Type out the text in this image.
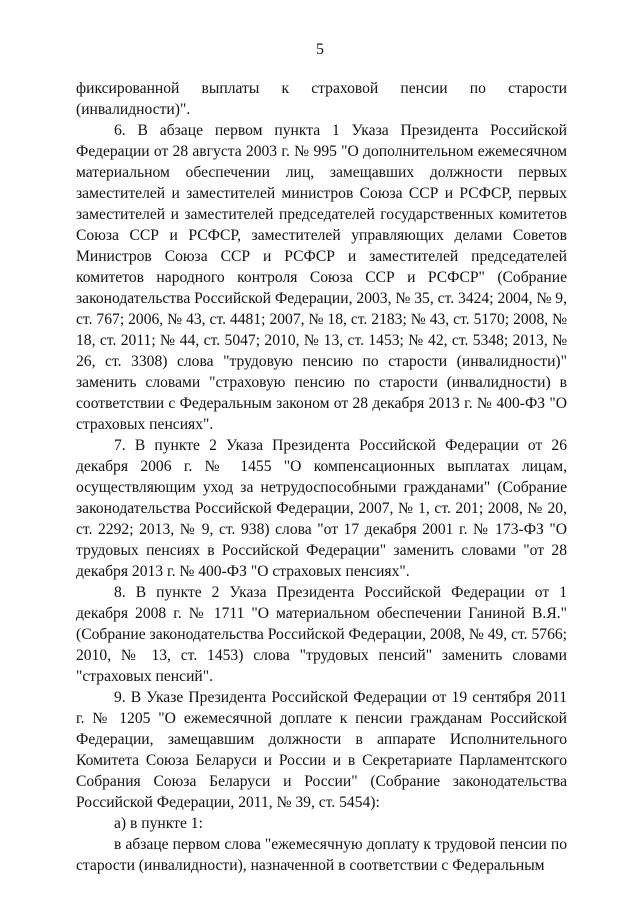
5

фиксированной выплаты к страховой пенсии по старости (инвалидности)".

6. В абзаце первом пункта 1 Указа Президента Российской Федерации от 28 августа 2003 г. № 995 "О дополнительном ежемесячном материальном обеспечении лиц, замещавших должности первых заместителей и заместителей министров Союза ССР и РСФСР, первых заместителей и заместителей председателей государственных комитетов Союза ССР и РСФСР, заместителей управляющих делами Советов Министров Союза ССР и РСФСР и заместителей председателей комитетов народного контроля Союза ССР и РСФСР" (Собрание законодательства Российской Федерации, 2003, № 35, ст. 3424; 2004, № 9, ст. 767; 2006, № 43, ст. 4481; 2007, № 18, ст. 2183; № 43, ст. 5170; 2008, № 18, ст. 2011; № 44, ст. 5047; 2010, № 13, ст. 1453; № 42, ст. 5348; 2013, № 26, ст. 3308) слова "трудовую пенсию по старости (инвалидности)" заменить словами "страховую пенсию по старости (инвалидности) в соответствии с Федеральным законом от 28 декабря 2013 г. № 400-ФЗ "О страховых пенсиях".

7. В пункте 2 Указа Президента Российской Федерации от 26 декабря 2006 г. № 1455 "О компенсационных выплатах лицам, осуществляющим уход за нетрудоспособными гражданами" (Собрание законодательства Российской Федерации, 2007, № 1, ст. 201; 2008, № 20, ст. 2292; 2013, № 9, ст. 938) слова "от 17 декабря 2001 г. № 173-ФЗ "О трудовых пенсиях в Российской Федерации" заменить словами "от 28 декабря 2013 г. № 400-ФЗ "О страховых пенсиях".

8. В пункте 2 Указа Президента Российской Федерации от 1 декабря 2008 г. № 1711 "О материальном обеспечении Ганиной В.Я." (Собрание законодательства Российской Федерации, 2008, № 49, ст. 5766; 2010, № 13, ст. 1453) слова "трудовых пенсий" заменить словами "страховых пенсий".

9. В Указе Президента Российской Федерации от 19 сентября 2011 г. № 1205 "О ежемесячной доплате к пенсии гражданам Российской Федерации, замещавшим должности в аппарате Исполнительного Комитета Союза Беларуси и России и в Секретариате Парламентского Собрания Союза Беларуси и России" (Собрание законодательства Российской Федерации, 2011, № 39, ст. 5454):

а) в пункте 1:

в абзаце первом слова "ежемесячную доплату к трудовой пенсии по старости (инвалидности), назначенной в соответствии с Федеральным
